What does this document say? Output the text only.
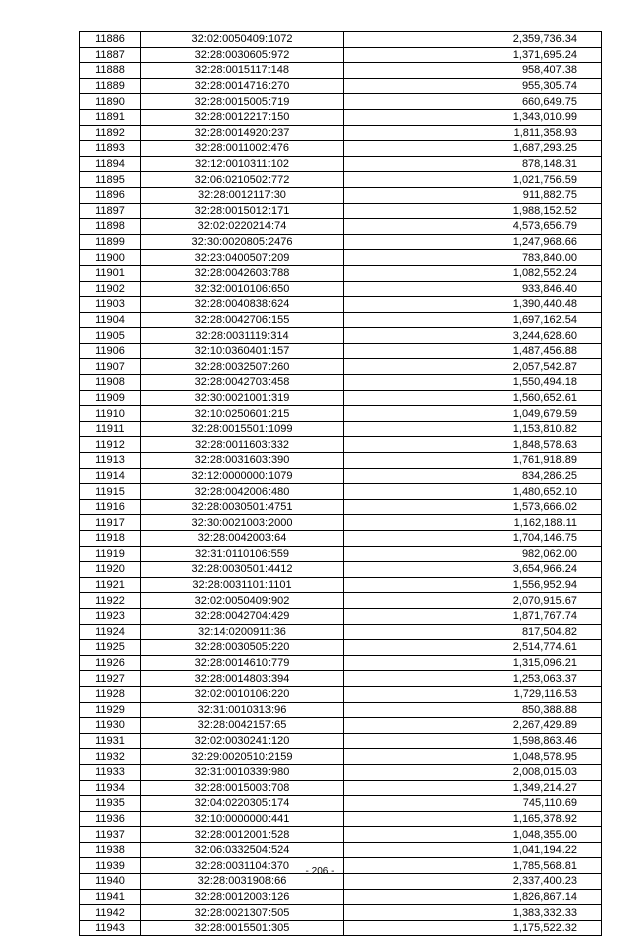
11886	32:02:0050409:1072	2,359,736.34
11887	32:28:0030605:972	1,371,695.24
11888	32:28:0015117:148	958,407.38
11889	32:28:0014716:270	955,305.74
11890	32:28:0015005:719	660,649.75
11891	32:28:0012217:150	1,343,010.99
11892	32:28:0014920:237	1,811,358.93
11893	32:28:0011002:476	1,687,293.25
11894	32:12:0010311:102	878,148.31
11895	32:06:0210502:772	1,021,756.59
11896	32:28:0012117:30	911,882.75
11897	32:28:0015012:171	1,988,152.52
11898	32:02:0220214:74	4,573,656.79
11899	32:30:0020805:2476	1,247,968.66
11900	32:23:0400507:209	783,840.00
11901	32:28:0042603:788	1,082,552.24
11902	32:32:0010106:650	933,846.40
11903	32:28:0040838:624	1,390,440.48
11904	32:28:0042706:155	1,697,162.54
11905	32:28:0031119:314	3,244,628.60
11906	32:10:0360401:157	1,487,456.88
11907	32:28:0032507:260	2,057,542.87
11908	32:28:0042703:458	1,550,494.18
11909	32:30:0021001:319	1,560,652.61
11910	32:10:0250601:215	1,049,679.59
11911	32:28:0015501:1099	1,153,810.82
11912	32:28:0011603:332	1,848,578.63
11913	32:28:0031603:390	1,761,918.89
11914	32:12:0000000:1079	834,286.25
11915	32:28:0042006:480	1,480,652.10
11916	32:28:0030501:4751	1,573,666.02
11917	32:30:0021003:2000	1,162,188.11
11918	32:28:0042003:64	1,704,146.75
11919	32:31:0110106:559	982,062.00
11920	32:28:0030501:4412	3,654,966.24
11921	32:28:0031101:1101	1,556,952.94
11922	32:02:0050409:902	2,070,915.67
11923	32:28:0042704:429	1,871,767.74
11924	32:14:0200911:36	817,504.82
11925	32:28:0030505:220	2,514,774.61
11926	32:28:0014610:779	1,315,096.21
11927	32:28:0014803:394	1,253,063.37
11928	32:02:0010106:220	1,729,116.53
11929	32:31:0010313:96	850,388.88
11930	32:28:0042157:65	2,267,429.89
11931	32:02:0030241:120	1,598,863.46
11932	32:29:0020510:2159	1,048,578.95
11933	32:31:0010339:980	2,008,015.03
11934	32:28:0015003:708	1,349,214.27
11935	32:04:0220305:174	745,110.69
11936	32:10:0000000:441	1,165,378.92
11937	32:28:0012001:528	1,048,355.00
11938	32:06:0332504:524	1,041,194.22
11939	32:28:0031104:370	1,785,568.81
11940	32:28:0031908:66	2,337,400.23
11941	32:28:0012003:126	1,826,867.14
11942	32:28:0021307:505	1,383,332.33
11943	32:28:0015501:305	1,175,522.32
- 206 -
